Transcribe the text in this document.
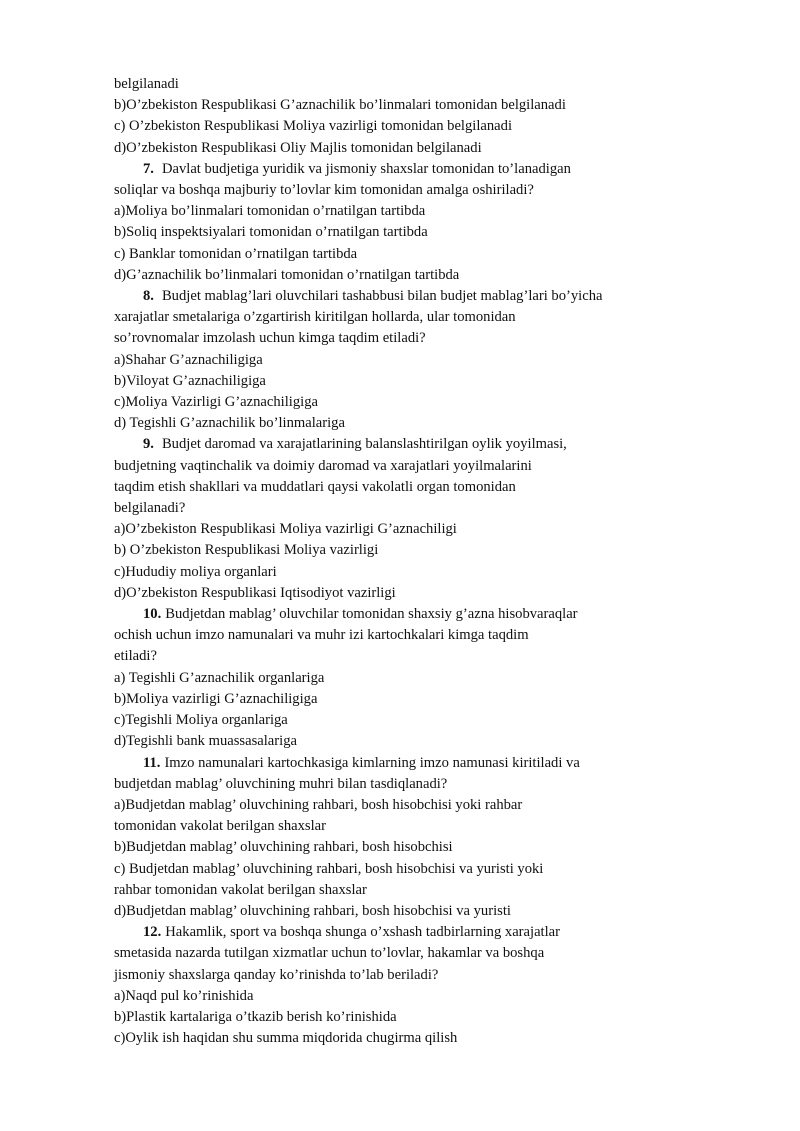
belgilanadi
b)O’zbekiston Respublikasi G’aznachilik bo’linmalari tomonidan belgilanadi
c) O’zbekiston Respublikasi Moliya vazirligi tomonidan belgilanadi
d)O’zbekiston Respublikasi Oliy Majlis tomonidan belgilanadi
7. Davlat budjetiga yuridik va jismoniy shaxslar tomonidan to’lanadigan
soliqlar va boshqa majburiy to’lovlar kim tomonidan amalga oshiriladi?
a)Moliya bo’linmalari tomonidan o’rnatilgan tartibda
b)Soliq inspektsiyalari tomonidan o’rnatilgan tartibda
c) Banklar tomonidan o’rnatilgan tartibda
d)G’aznachilik bo’linmalari tomonidan o’rnatilgan tartibda
8. Budjet mablag’lari oluvchilari tashabbusi bilan budjet mablag’lari bo’yicha
xarajatlar smetalariga o’zgartirish kiritilgan hollarda, ular tomonidan
so’rovnomalar imzolash uchun kimga taqdim etiladi?
a)Shahar G’aznachiligiga
b)Viloyat G’aznachiligiga
c)Moliya Vazirligi G’aznachiligiga
d) Tegishli G’aznachilik bo’linmalariga
9. Budjet daromad va xarajatlarining balanslashtirilgan oylik yoyilmasi,
budjetning vaqtinchalik va doimiy daromad va xarajatlari yoyilmalarini
taqdim etish shakllari va muddatlari qaysi vakolatli organ tomonidan
belgilanadi?
a)O’zbekiston Respublikasi Moliya vazirligi G’aznachiligi
b) O’zbekiston Respublikasi Moliya vazirligi
c)Hududiy moliya organlari
d)O’zbekiston Respublikasi Iqtisodiyot vazirligi
10. Budjetdan mablag’ oluvchilar tomonidan shaxsiy g’azna hisobvaraqlar
ochish uchun imzo namunalari va muhr izi kartochkalari kimga taqdim
etiladi?
a) Tegishli G’aznachilik organlariga
b)Moliya vazirligi G’aznachiligiga
c)Tegishli Moliya organlariga
d)Tegishli bank muassasalariga
11. Imzo namunalari kartochkasiga kimlarning imzo namunasi kiritiladi va
budjetdan mablag’ oluvchining muhri bilan tasdiqlanadi?
a)Budjetdan mablag’ oluvchining rahbari, bosh hisobchisi yoki rahbar
tomonidan vakolat berilgan shaxslar
b)Budjetdan mablag’ oluvchining rahbari, bosh hisobchisi
c) Budjetdan mablag’ oluvchining rahbari, bosh hisobchisi va yuristi yoki
rahbar tomonidan vakolat berilgan shaxslar
d)Budjetdan mablag’ oluvchining rahbari, bosh hisobchisi va yuristi
12. Hakamlik, sport va boshqa shunga o’xshash tadbirlarning xarajatlar
smetasida nazarda tutilgan xizmatlar uchun to’lovlar, hakamlar va boshqa
jismoniy shaxslarga qanday ko’rinishda to’lab beriladi?
a)Naqd pul ko’rinishida
b)Plastik kartalariga o’tkazib berish ko’rinishida
c)Oylik ish haqidan shu summa miqdorida chugirma qilish
